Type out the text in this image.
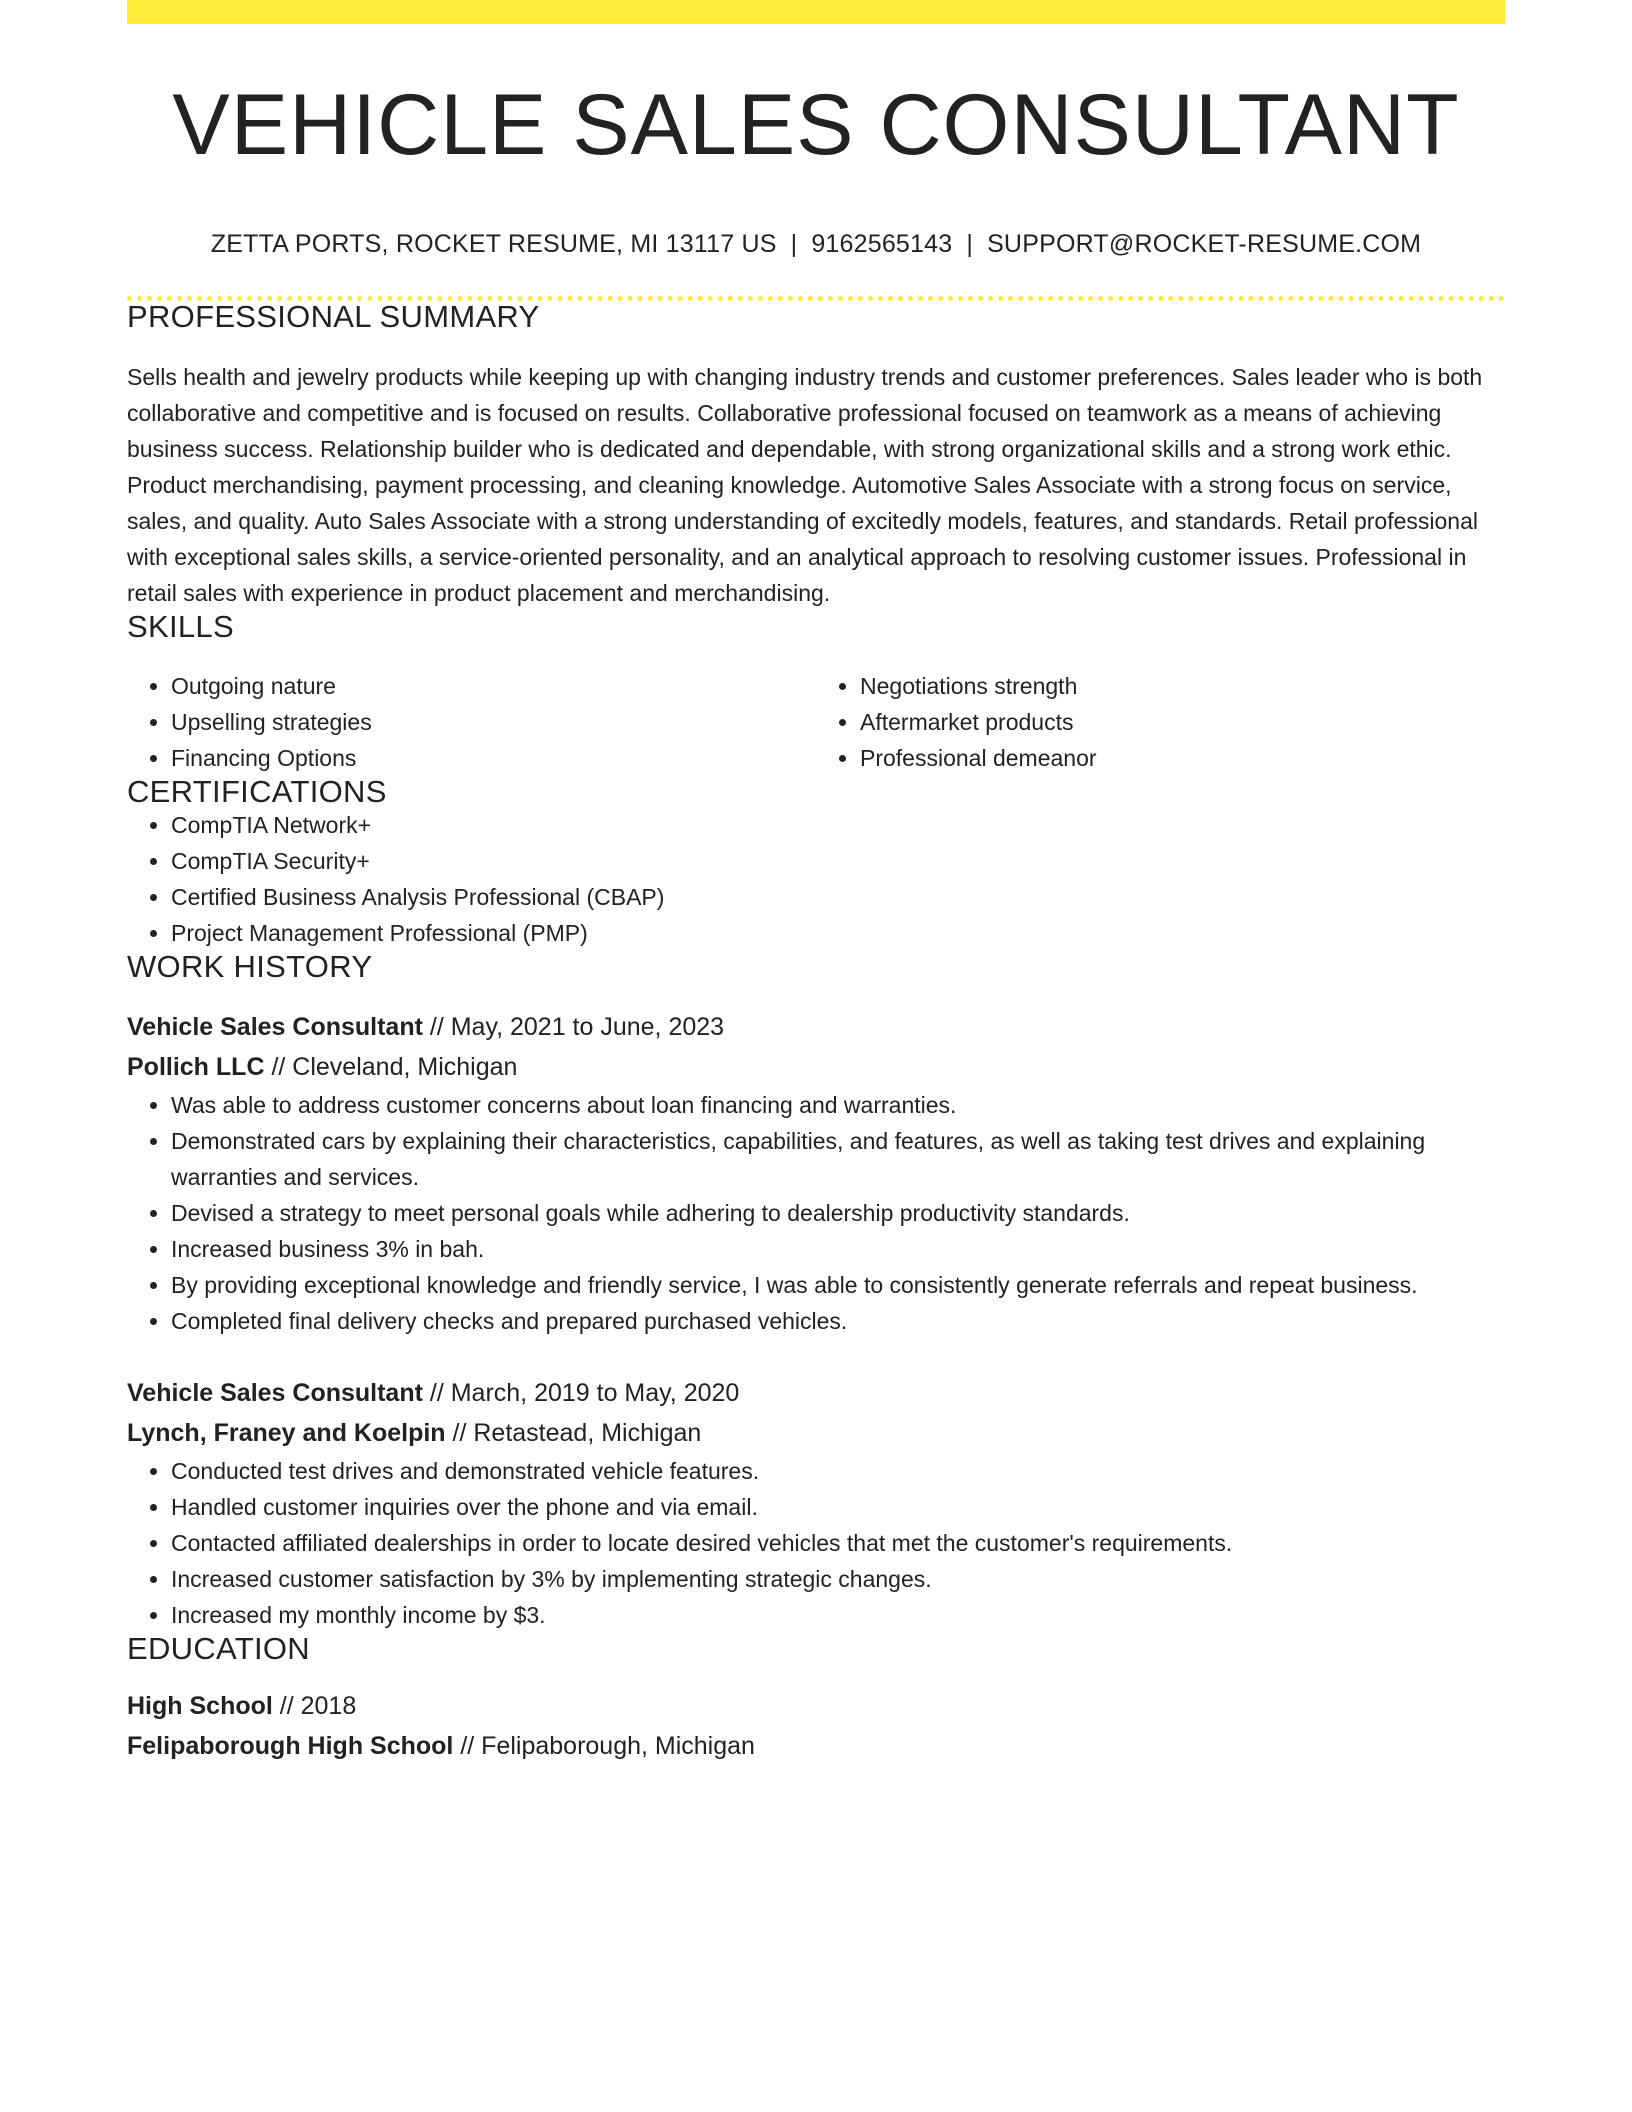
VEHICLE SALES CONSULTANT
ZETTA PORTS, ROCKET RESUME, MI 13117 US | 9162565143 | SUPPORT@ROCKET-RESUME.COM
PROFESSIONAL SUMMARY

Sells health and jewelry products while keeping up with changing industry trends and customer preferences. Sales leader who is both collaborative and competitive and is focused on results. Collaborative professional focused on teamwork as a means of achieving business success. Relationship builder who is dedicated and dependable, with strong organizational skills and a strong work ethic. Product merchandising, payment processing, and cleaning knowledge. Automotive Sales Associate with a strong focus on service, sales, and quality. Auto Sales Associate with a strong understanding of excitedly models, features, and standards. Retail professional with exceptional sales skills, a service-oriented personality, and an analytical approach to resolving customer issues. Professional in retail sales with experience in product placement and merchandising.

SKILLS
• Outgoing nature
• Upselling strategies
• Financing Options
• Negotiations strength
• Aftermarket products
• Professional demeanor
CERTIFICATIONS
• CompTIA Network+
• CompTIA Security+
• Certified Business Analysis Professional (CBAP)
• Project Management Professional (PMP)
WORK HISTORY
Vehicle Sales Consultant // May, 2021 to June, 2023
Pollich LLC // Cleveland, Michigan
• Was able to address customer concerns about loan financing and warranties.
• Demonstrated cars by explaining their characteristics, capabilities, and features, as well as taking test drives and explaining warranties and services.
• Devised a strategy to meet personal goals while adhering to dealership productivity standards.
• Increased business 3% in bah.
• By providing exceptional knowledge and friendly service, I was able to consistently generate referrals and repeat business.
• Completed final delivery checks and prepared purchased vehicles.
Vehicle Sales Consultant // March, 2019 to May, 2020
Lynch, Franey and Koelpin // Retastead, Michigan
• Conducted test drives and demonstrated vehicle features.
• Handled customer inquiries over the phone and via email.
• Contacted affiliated dealerships in order to locate desired vehicles that met the customer's requirements.
• Increased customer satisfaction by 3% by implementing strategic changes.
• Increased my monthly income by $3.
EDUCATION
High School // 2018
Felipaborough High School // Felipaborough, Michigan
